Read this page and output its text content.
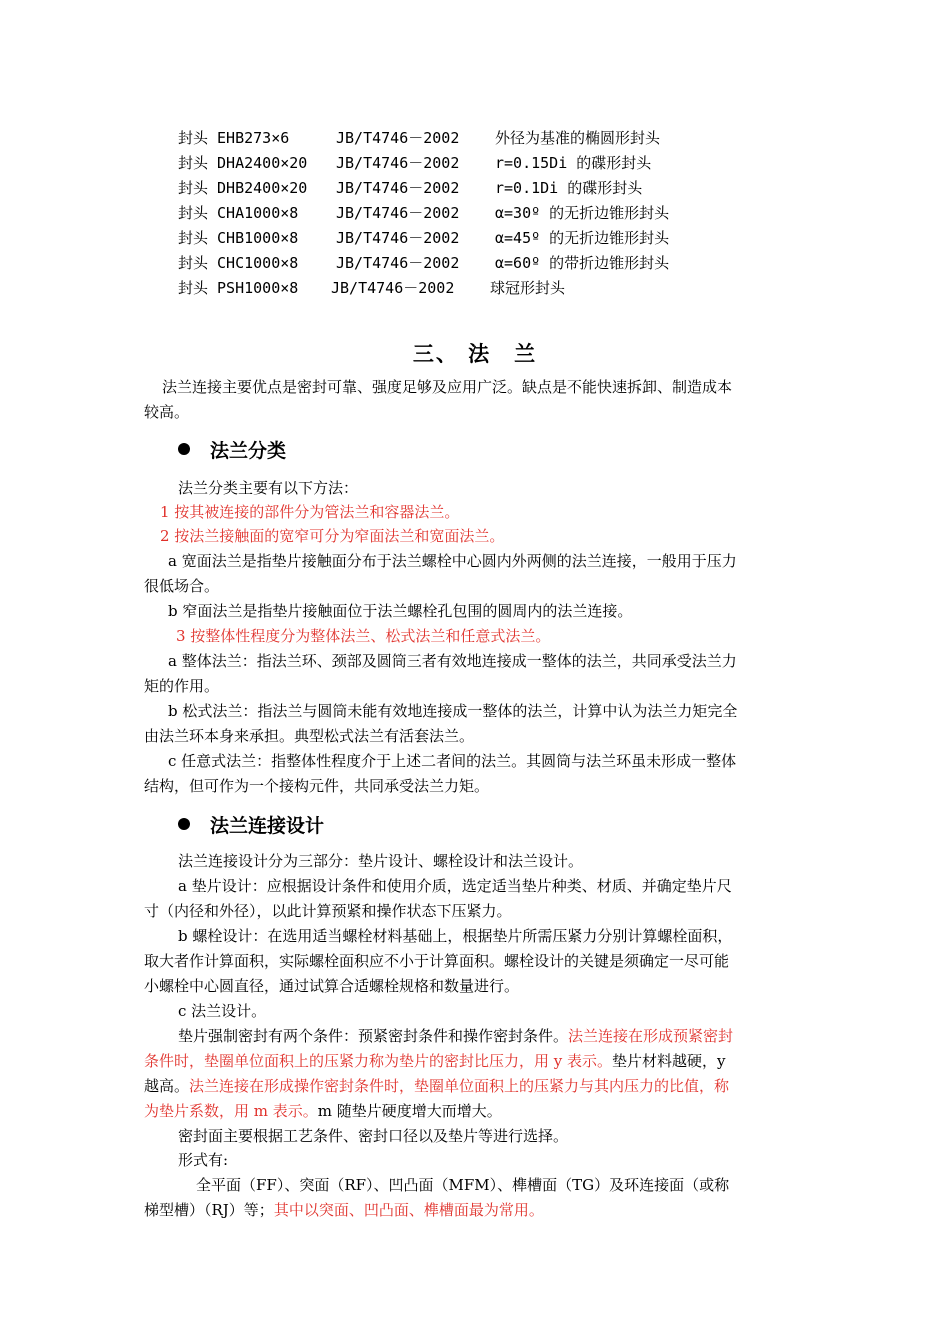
封头 EHB273×6	JB/T4746－2002 外径为基准的椭圆形封头
封头 DHA2400×20 JB/T4746－2002 r=0.15Di 的碟形封头
封头 DHB2400×20 JB/T4746－2002 r=0.1Di 的碟形封头
封头 CHA1000×8	JB/T4746－2002 α=30º 的无折边锥形封头
封头 CHB1000×8	JB/T4746－2002 α=45º 的无折边锥形封头
封头 CHC1000×8	JB/T4746－2002 α=60º 的带折边锥形封头
封头 PSH1000×8 JB/T4746－2002 球冠形封头
三、 法　兰
法兰连接主要优点是密封可靠、强度足够及应用广泛。缺点是不能快速拆卸、制造成本
较高。
法兰分类
法兰分类主要有以下方法：
1 按其被连接的部件分为管法兰和容器法兰。
2 按法兰接触面的宽窄可分为窄面法兰和宽面法兰。
a 宽面法兰是指垫片接触面分布于法兰螺栓中心圆内外两侧的法兰连接，一般用于压力
很低场合。
b 窄面法兰是指垫片接触面位于法兰螺栓孔包围的圆周内的法兰连接。
3 按整体性程度分为整体法兰、松式法兰和任意式法兰。
a 整体法兰：指法兰环、颈部及圆筒三者有效地连接成一整体的法兰，共同承受法兰力
矩的作用。
b 松式法兰：指法兰与圆筒未能有效地连接成一整体的法兰，计算中认为法兰力矩完全
由法兰环本身来承担。典型松式法兰有活套法兰。
c 任意式法兰：指整体性程度介于上述二者间的法兰。其圆筒与法兰环虽未形成一整体
结构，但可作为一个接构元件，共同承受法兰力矩。
法兰连接设计
法兰连接设计分为三部分：垫片设计、螺栓设计和法兰设计。
a 垫片设计：应根据设计条件和使用介质，选定适当垫片种类、材质、并确定垫片尺
寸（内径和外径），以此计算预紧和操作状态下压紧力。
b 螺栓设计：在选用适当螺栓材料基础上，根据垫片所需压紧力分别计算螺栓面积，
取大者作计算面积，实际螺栓面积应不小于计算面积。螺栓设计的关键是须确定一尽可能
小螺栓中心圆直径，通过试算合适螺栓规格和数量进行。
c 法兰设计。
垫片强制密封有两个条件：预紧密封条件和操作密封条件。法兰连接在形成预紧密封
条件时，垫圈单位面积上的压紧力称为垫片的密封比压力，用 y 表示。垫片材料越硬，y
越高。法兰连接在形成操作密封条件时，垫圈单位面积上的压紧力与其内压力的比值，称
为垫片系数，用 m 表示。m 随垫片硬度增大而增大。
密封面主要根据工艺条件、密封口径以及垫片等进行选择。
形式有:
全平面（FF）、突面（RF）、凹凸面（MFM）、榫槽面（TG）及环连接面（或称
梯型槽）（RJ）等；其中以突面、凹凸面、榫槽面最为常用。
